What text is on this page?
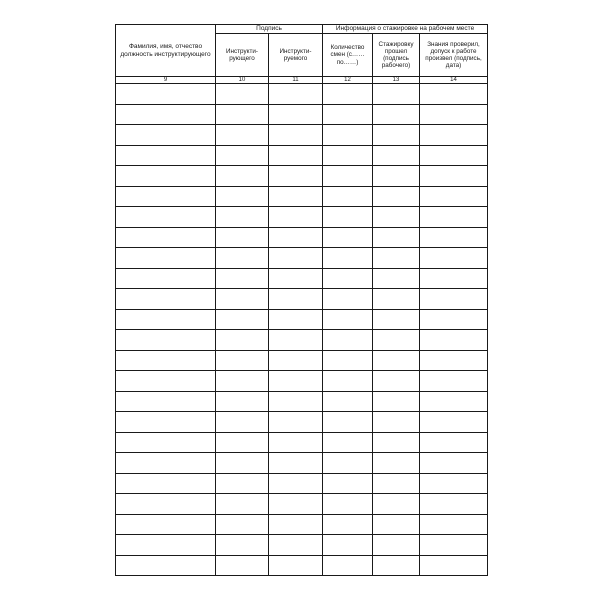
Фамилия, имя, отчество должность инструктирующего	Подпись		Информация о стажировке на рабочем месте		
	Инструкти-рующего	Инструкти-руемого	Количество смен (с……по……)	Стажировку прошел (подпись рабочего)	Знания проверил, допуск к работе произвел (подпись, дата)
9	10	11	12	13	14
